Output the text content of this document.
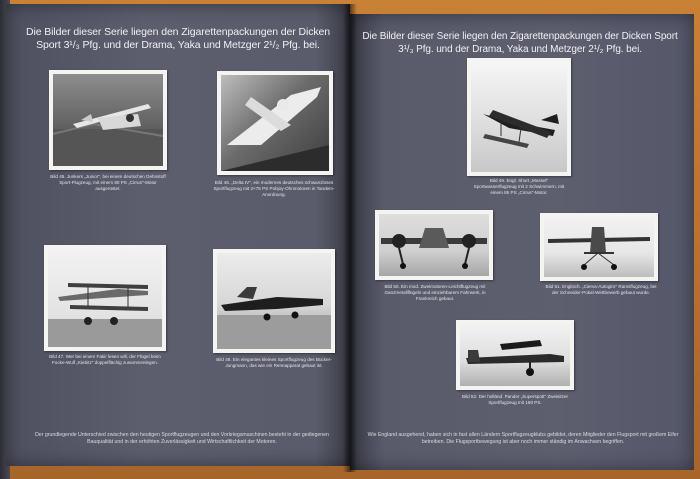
Die Bilder dieser Serie liegen den Zigarettenpackungen der Dicken Sport 3¹/₃ Pfg. und der Drama, Yaka und Metzger 2¹/₂ Pfg. bei.
Bild 45. Junkers „Junior", bei einem deutschen Dehnstoff Sport-Flugzeug, mit einem 80 PS „Cirrus"-Motor ausgerüstet.
Bild 46. „Delta IV", ein modernes deutsches schwanzloses Sportflugzeug mit 2×75 PS Pobjoy-Ohnmotoren in Tandem-Anordnung.
Bild 47. Wer bei einem Fakir lesen will, der Flügel beim Focke-Wulf „Kiebitz" doppelflächig zusammenlegen.
Bild 48. Ein elegantes kleines Sportflugzeug des Bücker-Jungmann, das wie ein Rennapparat gebaut ist.
Der grundlegende Unterschied zwischen den heutigen Sportflugzeugen und den Vorkriegsmaschinen besteht in der gediegenen Bauqualität und in der erhöhten Zuverlässigkeit und Wirtschaftlichkeit der Motoren.
Die Bilder dieser Serie liegen den Zigarettenpackungen der Dicken Sport 3¹/₃ Pfg. und der Drama, Yaka und Metzger 2¹/₂ Pfg. bei.
Bild 49. Engl. Short „Mussel" Sportwasserflugzeug mit 2 Schwimmern, mit einem 85 PS „Cirrus"-Motor.
Bild 50. Ein mod. Zweimotoren-Leichtflugzeug mit Ganzmetallflügeln und einziehbarem Fahrwerk, in Frankreich gebaut.
Bild 51. Englisch. „Cierva-Autogiro" Ramsflugzeug, bei der Schneider-Pokal-Wettbewerb gebaut wurde.
Bild 52. Der holländ. Pander „Superspott" Zweisitzer Sportflugzeug mit 180 PS.
Wie England ausgehend, haben sich in fast allen Ländern Sportflugzeugklubs gebildet, deren Mitglieder den Flugsport mit großem Eifer betreiben. Die Flugsportbewegung ist aber noch immer ständig im Anwachsen begriffen.
